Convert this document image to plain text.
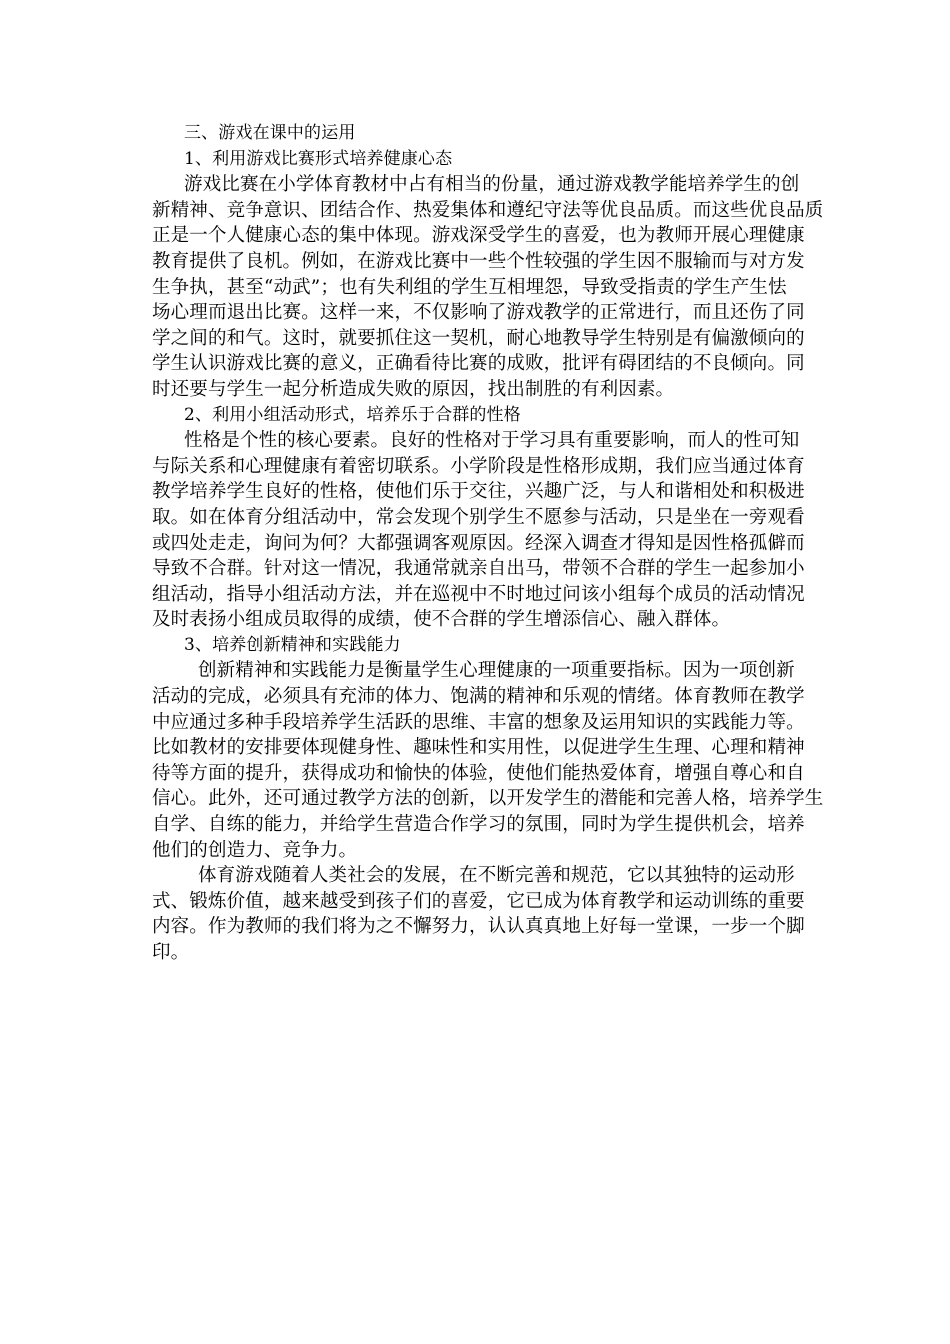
三、游戏在课中的运用
1、利用游戏比赛形式培养健康心态
游戏比赛在小学体育教材中占有相当的份量，通过游戏教学能培养学生的创
新精神、竞争意识、团结合作、热爱集体和遵纪守法等优良品质。而这些优良品质
正是一个人健康心态的集中体现。游戏深受学生的喜爱，也为教师开展心理健康
教育提供了良机。例如，在游戏比赛中一些个性较强的学生因不服输而与对方发
生争执，甚至“动武”；也有失利组的学生互相埋怨，导致受指责的学生产生怯
场心理而退出比赛。这样一来，不仅影响了游戏教学的正常进行，而且还伤了同
学之间的和气。这时，就要抓住这一契机，耐心地教导学生特别是有偏激倾向的
学生认识游戏比赛的意义，正确看待比赛的成败，批评有碍团结的不良倾向。同
时还要与学生一起分析造成失败的原因，找出制胜的有利因素。
2、利用小组活动形式，培养乐于合群的性格
性格是个性的核心要素。良好的性格对于学习具有重要影响，而人的性可知
与际关系和心理健康有着密切联系。小学阶段是性格形成期，我们应当通过体育
教学培养学生良好的性格，使他们乐于交往，兴趣广泛，与人和谐相处和积极进
取。如在体育分组活动中，常会发现个别学生不愿参与活动，只是坐在一旁观看
或四处走走，询问为何？大都强调客观原因。经深入调查才得知是因性格孤僻而
导致不合群。针对这一情况，我通常就亲自出马，带领不合群的学生一起参加小
组活动，指导小组活动方法，并在巡视中不时地过问该小组每个成员的活动情况
及时表扬小组成员取得的成绩，使不合群的学生增添信心、融入群体。
3、培养创新精神和实践能力
创新精神和实践能力是衡量学生心理健康的一项重要指标。因为一项创新
活动的完成，必须具有充沛的体力、饱满的精神和乐观的情绪。体育教师在教学
中应通过多种手段培养学生活跃的思维、丰富的想象及运用知识的实践能力等。
比如教材的安排要体现健身性、趣味性和实用性，以促进学生生理、心理和精神
待等方面的提升，获得成功和愉快的体验，使他们能热爱体育，增强自尊心和自
信心。此外，还可通过教学方法的创新，以开发学生的潜能和完善人格，培养学生
自学、自练的能力，并给学生营造合作学习的氛围，同时为学生提供机会，培养
他们的创造力、竞争力。
体育游戏随着人类社会的发展，在不断完善和规范，它以其独特的运动形
式、锻炼价值，越来越受到孩子们的喜爱，它已成为体育教学和运动训练的重要
内容。作为教师的我们将为之不懈努力，认认真真地上好每一堂课，一步一个脚
印。
